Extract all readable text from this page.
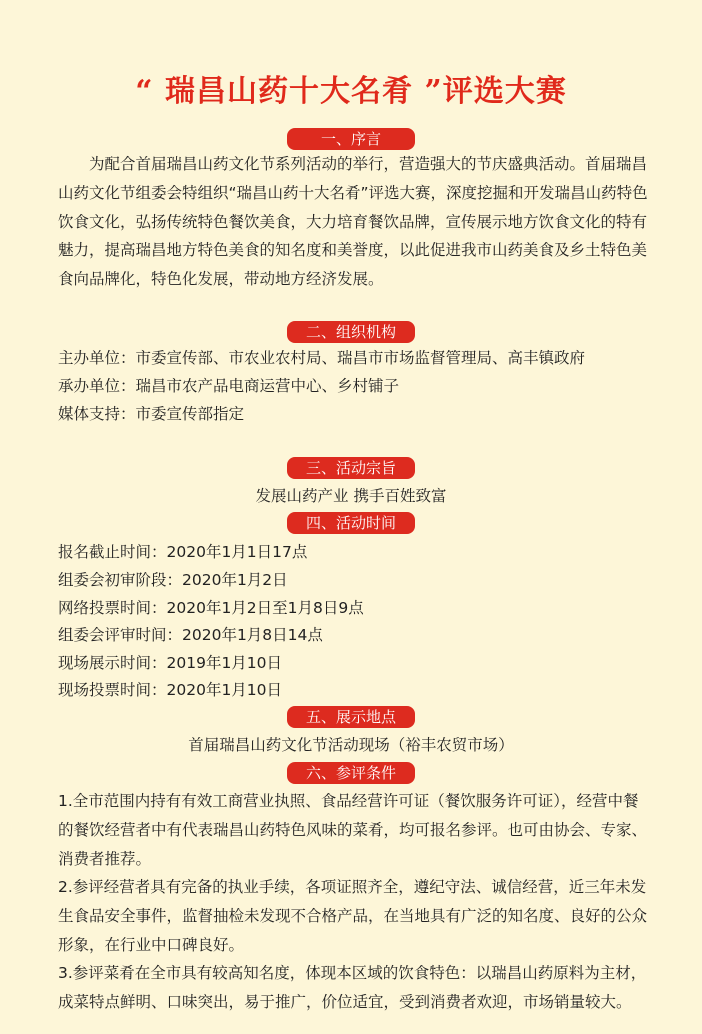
“ 瑞昌山药十大名肴 ”评选大赛
一、序言
为配合首届瑞昌山药文化节系列活动的举行，营造强大的节庆盛典活动。首届瑞昌山药文化节组委会特组织“瑞昌山药十大名肴”评选大赛，深度挖掘和开发瑞昌山药特色饮食文化，弘扬传统特色餐饮美食，大力培育餐饮品牌，宣传展示地方饮食文化的特有魅力，提高瑞昌地方特色美食的知名度和美誉度，以此促进我市山药美食及乡土特色美食向品牌化，特色化发展，带动地方经济发展。
二、组织机构
主办单位：市委宣传部、市农业农村局、瑞昌市市场监督管理局、高丰镇政府
承办单位：瑞昌市农产品电商运营中心、乡村铺子
媒体支持：市委宣传部指定
三、活动宗旨
发展山药产业 携手百姓致富
四、活动时间
报名截止时间：2020年1月1日17点
组委会初审阶段：2020年1月2日
网络投票时间：2020年1月2日至1月8日9点
组委会评审时间：2020年1月8日14点
现场展示时间：2019年1月10日
现场投票时间：2020年1月10日
五、展示地点
首届瑞昌山药文化节活动现场（裕丰农贸市场）
六、参评条件
1.全市范围内持有有效工商营业执照、食品经营许可证（餐饮服务许可证），经营中餐的餐饮经营者中有代表瑞昌山药特色风味的菜肴，均可报名参评。也可由协会、专家、消费者推荐。
2.参评经营者具有完备的执业手续，各项证照齐全，遵纪守法、诚信经营，近三年未发生食品安全事件，监督抽检未发现不合格产品，在当地具有广泛的知名度、良好的公众形象，在行业中口碑良好。
3.参评菜肴在全市具有较高知名度，体现本区域的饮食特色：以瑞昌山药原料为主材，成菜特点鲜明、口味突出，易于推广，价位适宜，受到消费者欢迎，市场销量较大。
